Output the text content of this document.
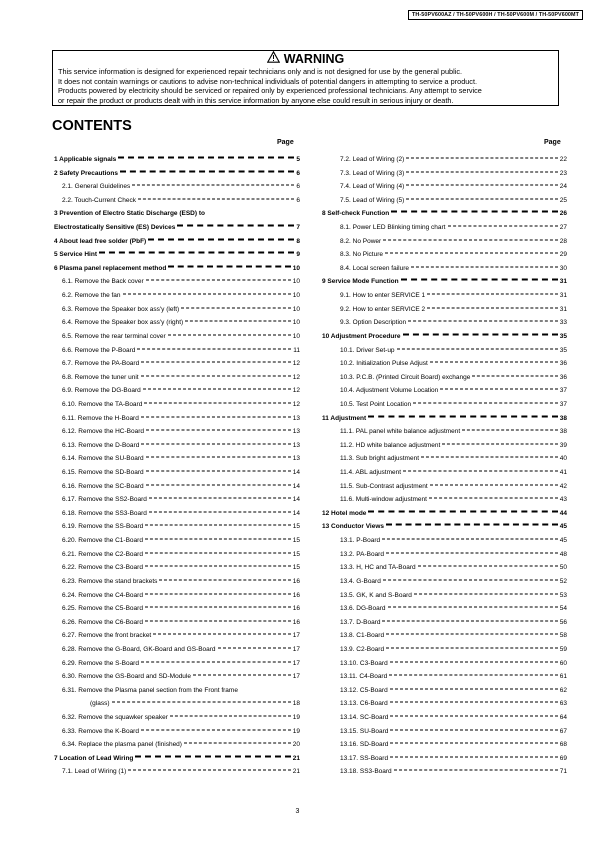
TH-50PV600AZ / TH-50PV600H / TH-50PV600M / TH-50PV600MT
WARNING
This service information is designed for experienced repair technicians only and is not designed for use by the general public.
It does not contain warnings or cautions to advise non-technical individuals of potential dangers in attempting to service a product.
Products powered by electricity should be serviced or repaired only by experienced professional technicians. Any attempt to service
or repair the product or products dealt with in this service information by anyone else could result in serious injury or death.
CONTENTS
Page	Page
1 Applicable signals	5
2 Safety Precautions	6
2.1. General Guidelines	6
2.2. Touch-Current Check	6
3 Prevention of Electro Static Discharge (ESD) to
Electrostatically Sensitive (ES) Devices	7
4 About lead free solder (PbF)	8
5 Service Hint	9
6 Plasma panel replacement method	10
6.1. Remove the Back cover	10
6.2. Remove the fan	10
6.3. Remove the Speaker box ass'y (left)	10
6.4. Remove the Speaker box ass'y (right)	10
6.5. Remove the rear terminal cover	10
6.6. Remove the P-Board	11
6.7. Remove the PA-Board	12
6.8. Remove the tuner unit	12
6.9. Remove the DG-Board	12
6.10. Remove the TA-Board	12
6.11. Remove the H-Board	13
6.12. Remove the HC-Board	13
6.13. Remove the D-Board	13
6.14. Remove the SU-Board	13
6.15. Remove the SD-Board	14
6.16. Remove the SC-Board	14
6.17. Remove the SS2-Board	14
6.18. Remove the SS3-Board	14
6.19. Remove the SS-Board	15
6.20. Remove the C1-Board	15
6.21. Remove the C2-Board	15
6.22. Remove the C3-Board	15
6.23. Remove the stand brackets	16
6.24. Remove the C4-Board	16
6.25. Remove the C5-Board	16
6.26. Remove the C6-Board	16
6.27. Remove the front bracket	17
6.28. Remove the G-Board, GK-Board and GS-Board	17
6.29. Remove the S-Board	17
6.30. Remove the GS-Board and SD-Module	17
6.31. Remove the Plasma panel section from the Front frame
(glass)	18
6.32. Remove the squawker speaker	19
6.33. Remove the K-Board	19
6.34. Replace the plasma panel (finished)	20
7 Location of Lead Wiring	21
7.1. Lead of Wiring (1)	21
7.2. Lead of Wiring (2)	22
7.3. Lead of Wiring (3)	23
7.4. Lead of Wiring (4)	24
7.5. Lead of Wiring (5)	25
8 Self-check Function	26
8.1. Power LED Blinking timing chart	27
8.2. No Power	28
8.3. No Picture	29
8.4. Local screen failure	30
9 Service Mode Function	31
9.1. How to enter SERVICE 1	31
9.2. How to enter SERVICE 2	31
9.3. Option Description	33
10 Adjustment Procedure	35
10.1. Driver Set-up	35
10.2. Initialization Pulse Adjust	36
10.3. P.C.B. (Printed Circuit Board) exchange	36
10.4. Adjustment Volume Location	37
10.5. Test Point Location	37
11 Adjustment	38
11.1. PAL panel white balance adjustment	38
11.2. HD white balance adjustment	39
11.3. Sub bright adjustment	40
11.4. ABL adjustment	41
11.5. Sub-Contrast adjustment	42
11.6. Multi-window adjustment	43
12 Hotel mode	44
13 Conductor Views	45
13.1. P-Board	45
13.2. PA-Board	48
13.3. H, HC and TA-Board	50
13.4. G-Board	52
13.5. GK, K and S-Board	53
13.6. DG-Board	54
13.7. D-Board	56
13.8. C1-Board	58
13.9. C2-Board	59
13.10. C3-Board	60
13.11. C4-Board	61
13.12. C5-Board	62
13.13. C6-Board	63
13.14. SC-Board	64
13.15. SU-Board	67
13.16. SD-Board	68
13.17. SS-Board	69
13.18. SS3-Board	71
3
